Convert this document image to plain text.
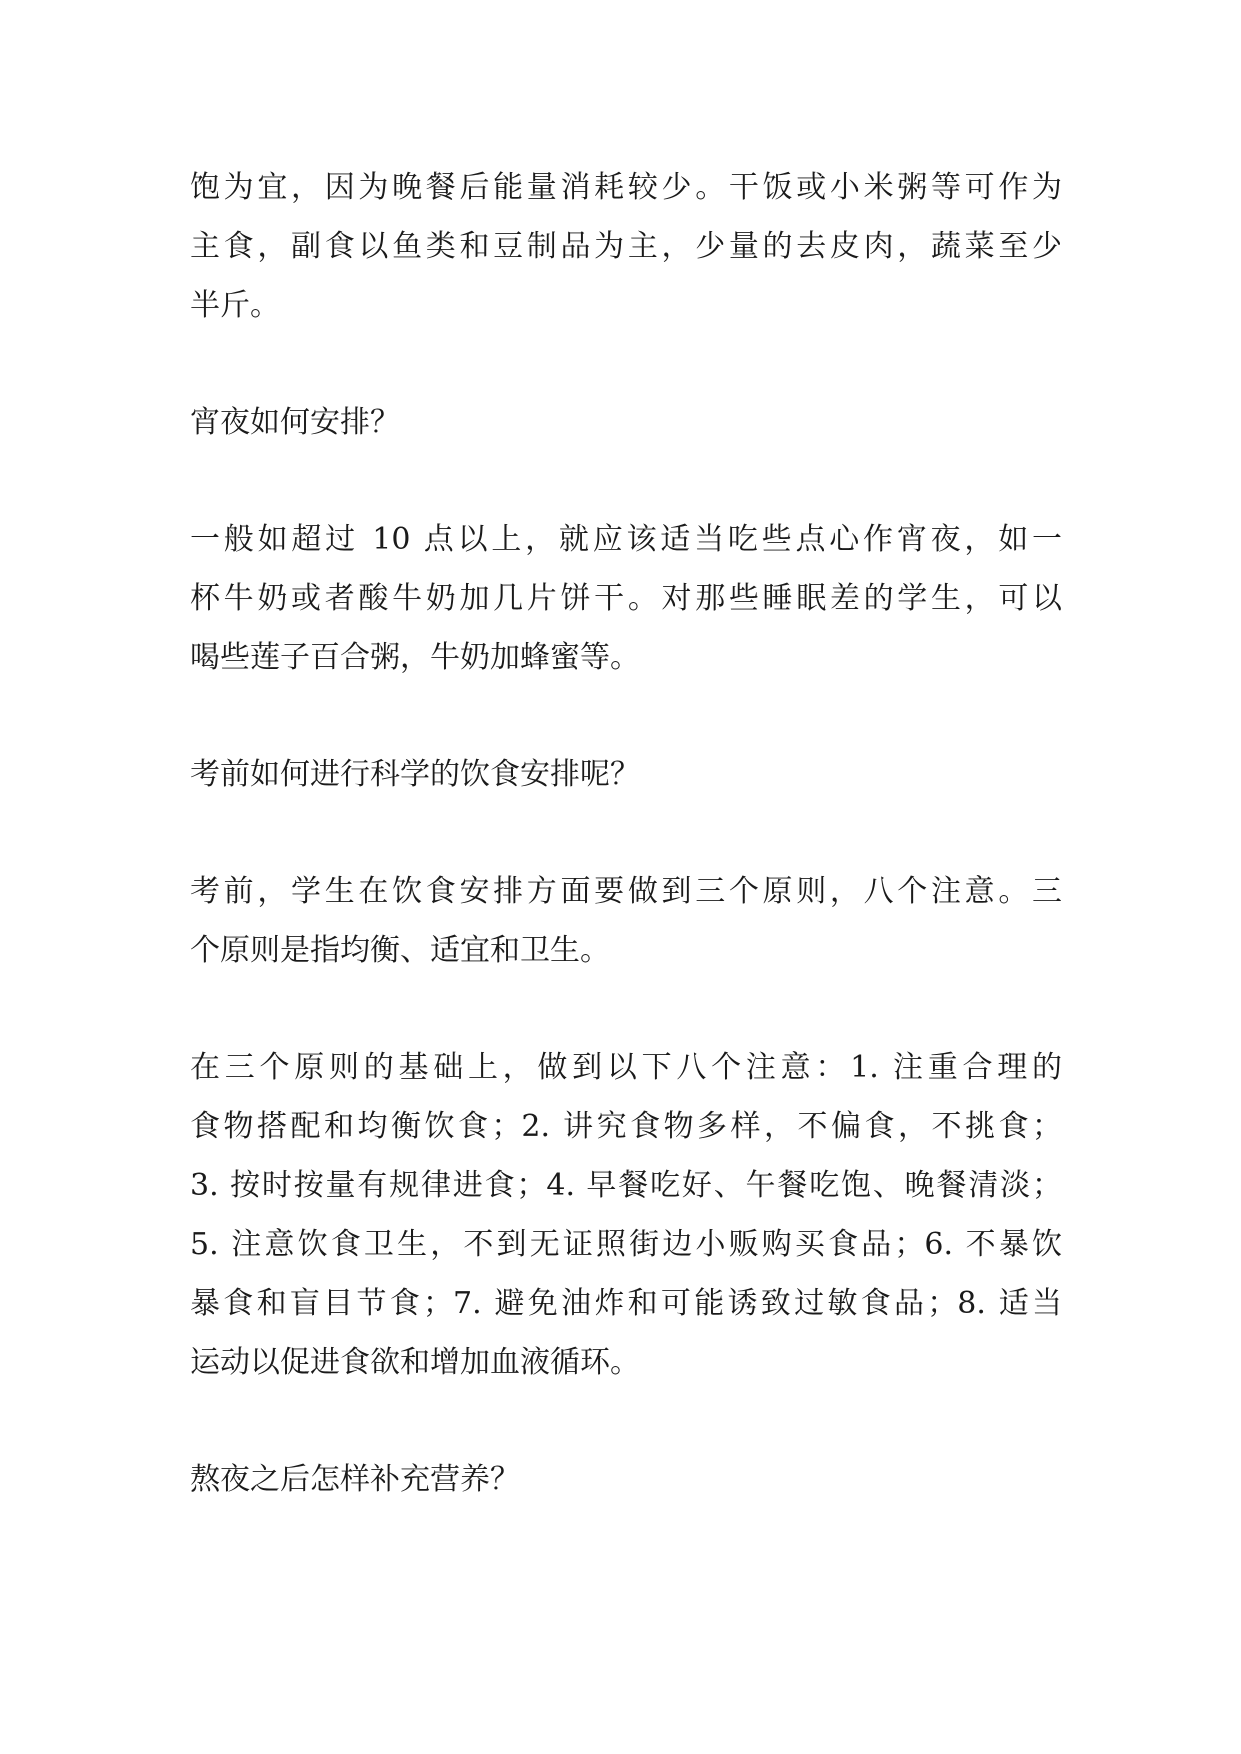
饱为宜，因为晚餐后能量消耗较少。干饭或小米粥等可作为
主食，副食以鱼类和豆制品为主，少量的去皮肉，蔬菜至少
半斤。
宵夜如何安排？
一般如超过 10 点以上，就应该适当吃些点心作宵夜，如一
杯牛奶或者酸牛奶加几片饼干。对那些睡眠差的学生，可以
喝些莲子百合粥，牛奶加蜂蜜等。
考前如何进行科学的饮食安排呢？
考前，学生在饮食安排方面要做到三个原则，八个注意。三
个原则是指均衡、适宜和卫生。
在三个原则的基础上，做到以下八个注意：1. 注重合理的
食物搭配和均衡饮食；2. 讲究食物多样，不偏食，不挑食；
3. 按时按量有规律进食；4. 早餐吃好、午餐吃饱、晚餐清淡；
5. 注意饮食卫生，不到无证照街边小贩购买食品；6. 不暴饮
暴食和盲目节食；7. 避免油炸和可能诱致过敏食品；8. 适当
运动以促进食欲和增加血液循环。
熬夜之后怎样补充营养？
